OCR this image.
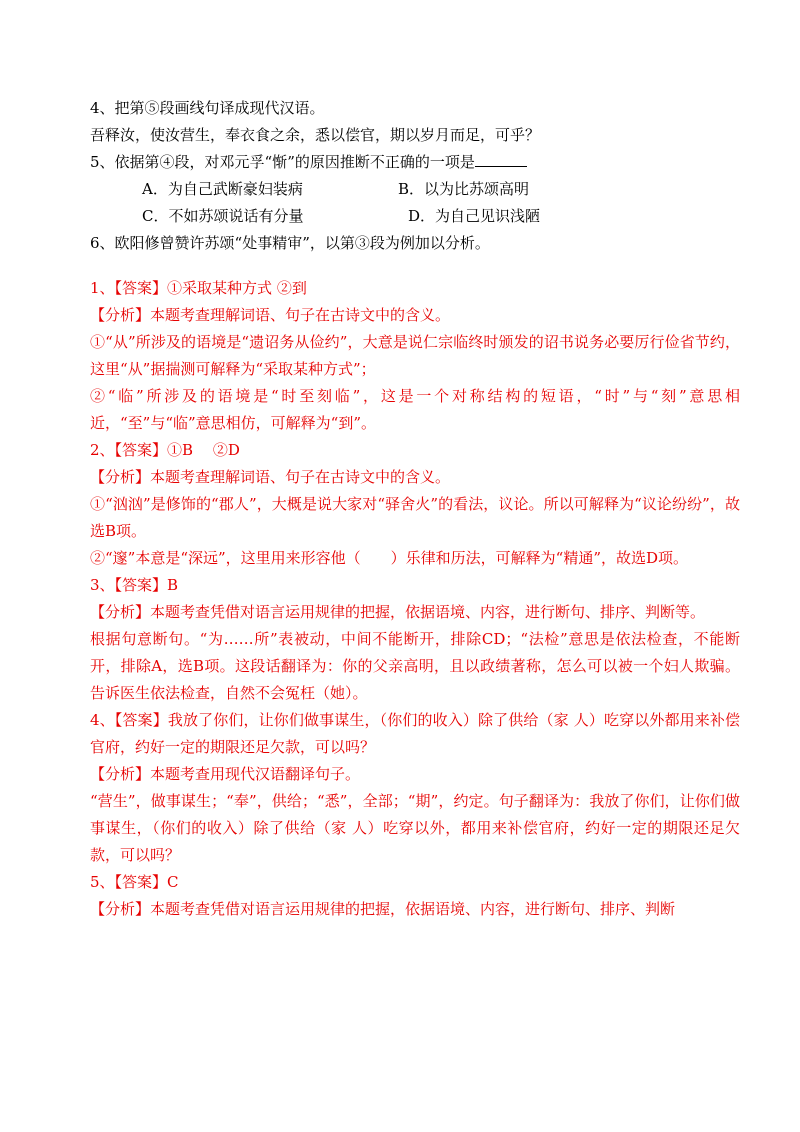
4、把第⑤段画线句译成现代汉语。

吾释汝，使汝营生，奉衣食之余，悉以偿官，期以岁月而足，可乎？

5、依据第④段，对邓元孚“惭”的原因推断不正确的一项是

A．为自己武断豪妇装病	B．以为比苏颂高明
C．不如苏颂说话有分量	D．为自己见识浅陋

6、欧阳修曾赞许苏颂“处事精审”，以第③段为例加以分析。

1、【答案】①采取某种方式 ②到

【分析】本题考查理解词语、句子在古诗文中的含义。

①“从”所涉及的语境是“遗诏务从俭约”，大意是说仁宗临终时颁发的诏书说务必要厉行俭省节约，这里“从”据揣测可解释为“采取某种方式”；

②“临”所涉及的语境是“时至刻临”，这是一个对称结构的短语，“时”与“刻”意思相近，“至”与“临”意思相仿，可解释为“到”。

2、【答案】①B　 ②D

【分析】本题考查理解词语、句子在古诗文中的含义。

①“汹汹”是修饰的“郡人”，大概是说大家对“驿舍火”的看法，议论。所以可解释为“议论纷纷”，故选B项。

②“邃”本意是“深远”，这里用来形容他（　　）乐律和历法，可解释为“精通”，故选D项。

3、【答案】B

【分析】本题考查凭借对语言运用规律的把握，依据语境、内容，进行断句、排序、判断等。

根据句意断句。“为……所”表被动，中间不能断开，排除CD；“法检”意思是依法检查，不能断开，排除A，选B项。这段话翻译为：你的父亲高明，且以政绩著称，怎么可以被一个妇人欺骗。告诉医生依法检查，自然不会冤枉（她）。

4、【答案】我放了你们，让你们做事谋生，（你们的收入）除了供给（家 人）吃穿以外都用来补偿官府，约好一定的期限还足欠款，可以吗？

【分析】本题考查用现代汉语翻译句子。

“营生”，做事谋生；“奉”，供给；“悉”，全部；“期”，约定。句子翻译为：我放了你们，让你们做事谋生，（你们的收入）除了供给（家 人）吃穿以外，都用来补偿官府，约好一定的期限还足欠款，可以吗？

5、【答案】C

【分析】本题考查凭借对语言运用规律的把握，依据语境、内容，进行断句、排序、判断
